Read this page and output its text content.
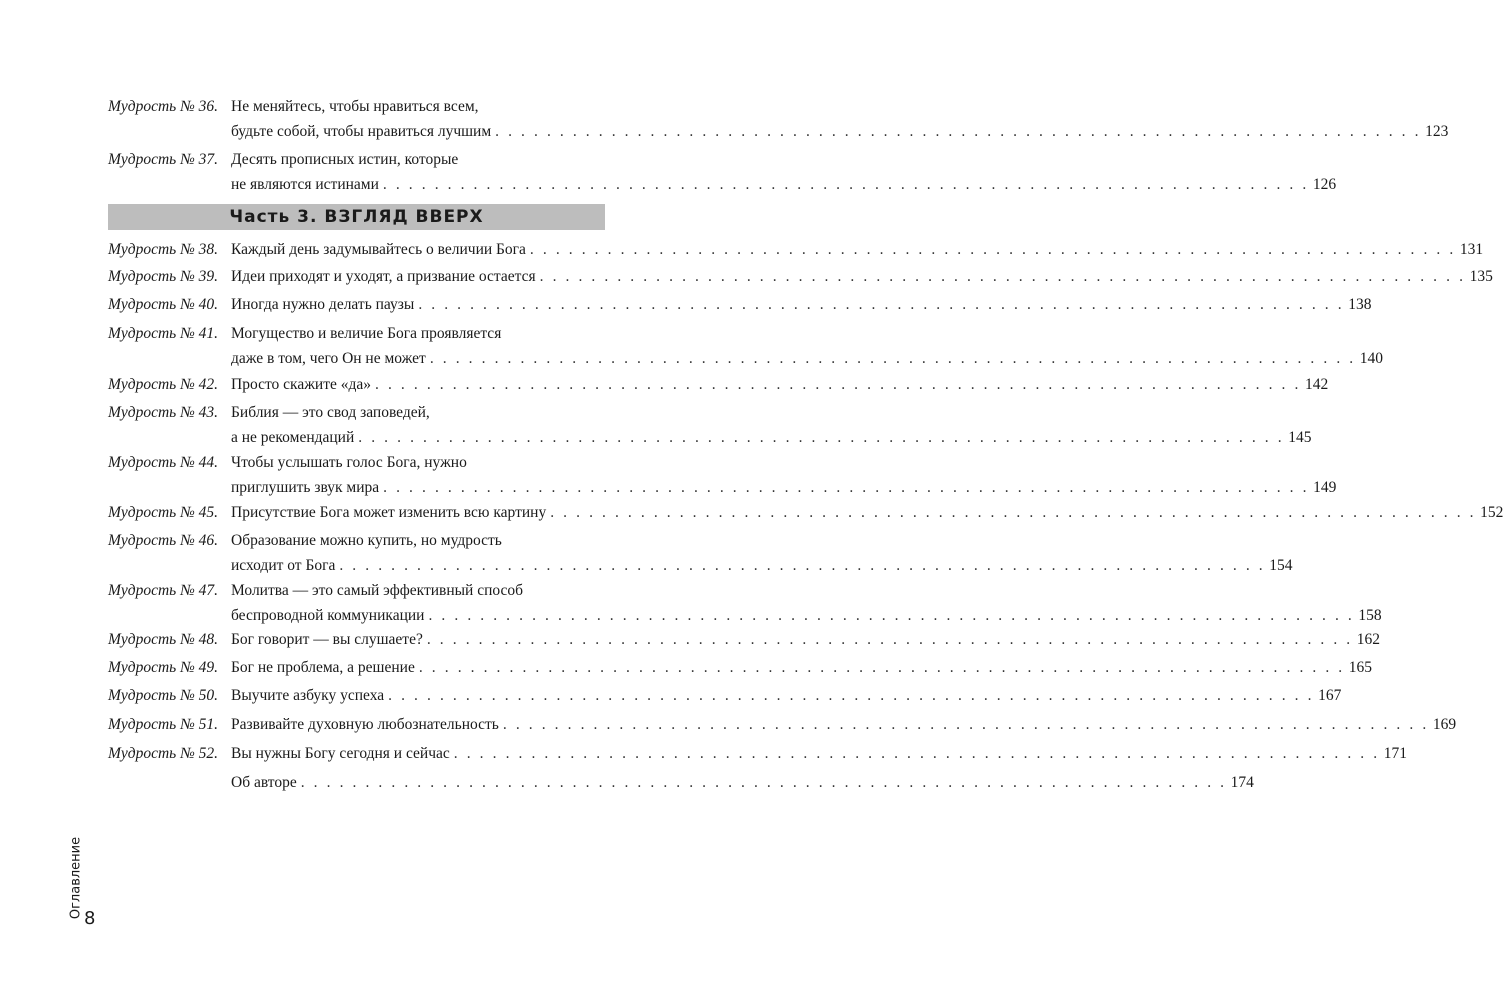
Мудрость № 36. Не меняйтесь, чтобы нравиться всем,
будьте собой, чтобы нравиться лучшим . . . . . . . . . . . . . . . . . . . . . . . . . . . . . . . . . . . . . . . . . . . . . . . . . . . . . . . . . . . . . . . . . . . . . . . . 123
Мудрость № 37. Десять прописных истин, которые
не являются истинами . . . . . . . . . . . . . . . . . . . . . . . . . . . . . . . . . . . . . . . . . . . . . . . . . . . . . . . . . . . . . . . . . . . . . . . . 126
Часть 3. ВЗГЛЯД ВВЕРХ
Мудрость № 38. Каждый день задумывайтесь о величии Бога . . . . . . . . . . . . . . . . . . . . . . . . . . . . . . . . . . . . . . . . . . . . . . . . . . . . . . . . . . . . . . . . . . . . . . . . 131
Мудрость № 39. Идеи приходят и уходят, а призвание остается . . . . . . . . . . . . . . . . . . . . . . . . . . . . . . . . . . . . . . . . . . . . . . . . . . . . . . . . . . . . . . . . . . . . . . . . 135
Мудрость № 40. Иногда нужно делать паузы . . . . . . . . . . . . . . . . . . . . . . . . . . . . . . . . . . . . . . . . . . . . . . . . . . . . . . . . . . . . . . . . . . . . . . . . 138
Мудрость № 41. Могущество и величие Бога проявляется
даже в том, чего Он не может . . . . . . . . . . . . . . . . . . . . . . . . . . . . . . . . . . . . . . . . . . . . . . . . . . . . . . . . . . . . . . . . . . . . . . . . 140
Мудрость № 42. Просто скажите «да» . . . . . . . . . . . . . . . . . . . . . . . . . . . . . . . . . . . . . . . . . . . . . . . . . . . . . . . . . . . . . . . . . . . . . . . . 142
Мудрость № 43. Библия — это свод заповедей,
а не рекомендаций . . . . . . . . . . . . . . . . . . . . . . . . . . . . . . . . . . . . . . . . . . . . . . . . . . . . . . . . . . . . . . . . . . . . . . . . 145
Мудрость № 44. Чтобы услышать голос Бога, нужно
приглушить звук мира . . . . . . . . . . . . . . . . . . . . . . . . . . . . . . . . . . . . . . . . . . . . . . . . . . . . . . . . . . . . . . . . . . . . . . . . 149
Мудрость № 45. Присутствие Бога может изменить всю картину . . . . . . . . . . . . . . . . . . . . . . . . . . . . . . . . . . . . . . . . . . . . . . . . . . . . . . . . . . . . . . . . . . . . . . . . 152
Мудрость № 46. Образование можно купить, но мудрость
исходит от Бога . . . . . . . . . . . . . . . . . . . . . . . . . . . . . . . . . . . . . . . . . . . . . . . . . . . . . . . . . . . . . . . . . . . . . . . . 154
Мудрость № 47. Молитва — это самый эффективный способ
беспроводной коммуникации . . . . . . . . . . . . . . . . . . . . . . . . . . . . . . . . . . . . . . . . . . . . . . . . . . . . . . . . . . . . . . . . . . . . . . . . 158
Мудрость № 48. Бог говорит — вы слушаете? . . . . . . . . . . . . . . . . . . . . . . . . . . . . . . . . . . . . . . . . . . . . . . . . . . . . . . . . . . . . . . . . . . . . . . . . 162
Мудрость № 49. Бог не проблема, а решение . . . . . . . . . . . . . . . . . . . . . . . . . . . . . . . . . . . . . . . . . . . . . . . . . . . . . . . . . . . . . . . . . . . . . . . . 165
Мудрость № 50. Выучите азбуку успеха . . . . . . . . . . . . . . . . . . . . . . . . . . . . . . . . . . . . . . . . . . . . . . . . . . . . . . . . . . . . . . . . . . . . . . . . 167
Мудрость № 51. Развивайте духовную любознательность . . . . . . . . . . . . . . . . . . . . . . . . . . . . . . . . . . . . . . . . . . . . . . . . . . . . . . . . . . . . . . . . . . . . . . . . 169
Мудрость № 52. Вы нужны Богу сегодня и сейчас . . . . . . . . . . . . . . . . . . . . . . . . . . . . . . . . . . . . . . . . . . . . . . . . . . . . . . . . . . . . . . . . . . . . . . . . 171
Об авторе . . . . . . . . . . . . . . . . . . . . . . . . . . . . . . . . . . . . . . . . . . . . . . . . . . . . . . . . . . . . . . . . . . . . . . . . 174
Оглавление 8
